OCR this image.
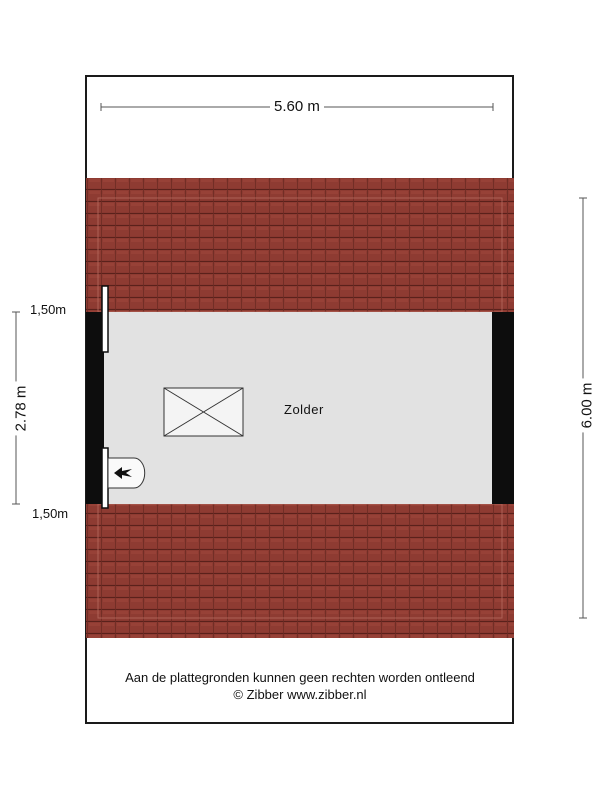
5.60 m
6.00 m
2.78 m
1,50m
1,50m
Zolder
Aan de plattegronden kunnen geen rechten worden ontleend
© Zibber www.zibber.nl
